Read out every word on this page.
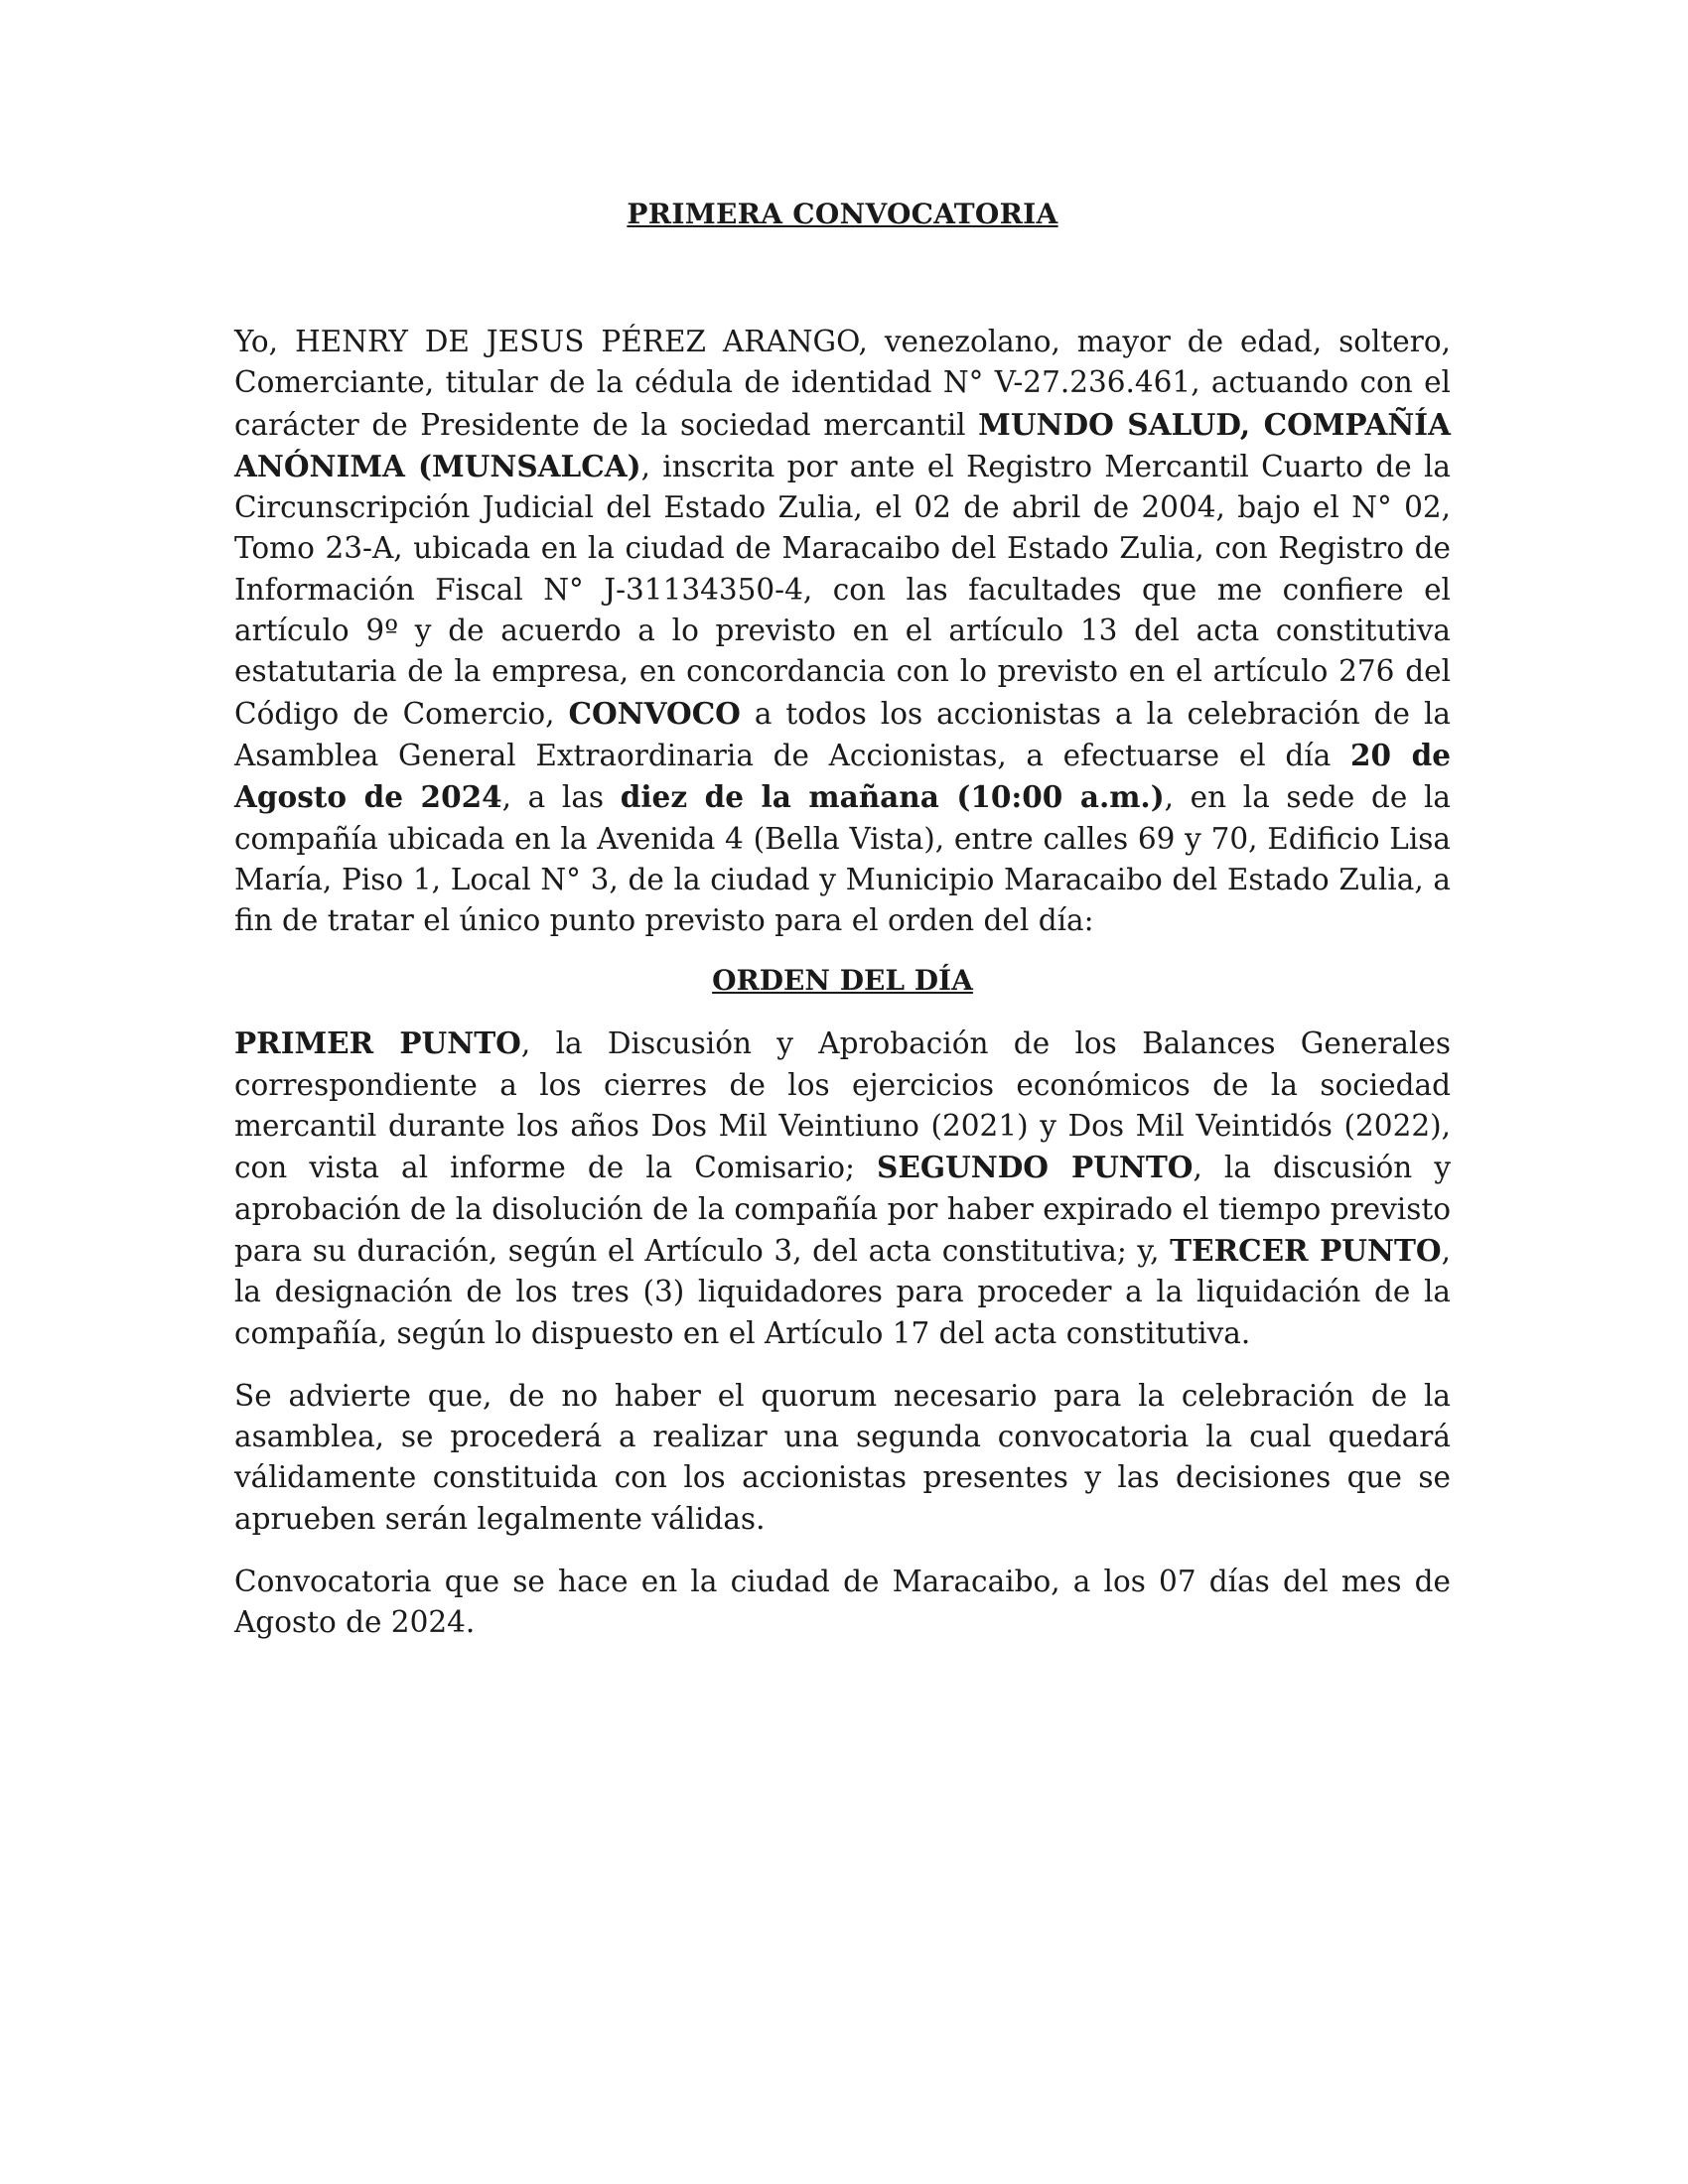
PRIMERA CONVOCATORIA

Yo, HENRY DE JESUS PÉREZ ARANGO, venezolano, mayor de edad, soltero, Comerciante, titular de la cédula de identidad N° V-27.236.461, actuando con el carácter de Presidente de la sociedad mercantil MUNDO SALUD, COMPAÑÍA ANÓNIMA (MUNSALCA), inscrita por ante el Registro Mercantil Cuarto de la Circunscripción Judicial del Estado Zulia, el 02 de abril de 2004, bajo el N° 02, Tomo 23-A, ubicada en la ciudad de Maracaibo del Estado Zulia, con Registro de Información Fiscal N° J-31134350-4, con las facultades que me confiere el artículo 9º y de acuerdo a lo previsto en el artículo 13 del acta constitutiva estatutaria de la empresa, en concordancia con lo previsto en el artículo 276 del Código de Comercio, CONVOCO a todos los accionistas a la celebración de la Asamblea General Extraordinaria de Accionistas, a efectuarse el día 20 de Agosto de 2024, a las diez de la mañana (10:00 a.m.), en la sede de la compañía ubicada en la Avenida 4 (Bella Vista), entre calles 69 y 70, Edificio Lisa María, Piso 1, Local N° 3, de la ciudad y Municipio Maracaibo del Estado Zulia, a fin de tratar el único punto previsto para el orden del día:

ORDEN DEL DÍA

PRIMER PUNTO, la Discusión y Aprobación de los Balances Generales correspondiente a los cierres de los ejercicios económicos de la sociedad mercantil durante los años Dos Mil Veintiuno (2021) y Dos Mil Veintidós (2022), con vista al informe de la Comisario; SEGUNDO PUNTO, la discusión y aprobación de la disolución de la compañía por haber expirado el tiempo previsto para su duración, según el Artículo 3, del acta constitutiva; y, TERCER PUNTO, la designación de los tres (3) liquidadores para proceder a la liquidación de la compañía, según lo dispuesto en el Artículo 17 del acta constitutiva.

Se advierte que, de no haber el quorum necesario para la celebración de la asamblea, se procederá a realizar una segunda convocatoria la cual quedará válidamente constituida con los accionistas presentes y las decisiones que se aprueben serán legalmente válidas.

Convocatoria que se hace en la ciudad de Maracaibo, a los 07 días del mes de Agosto de 2024.
